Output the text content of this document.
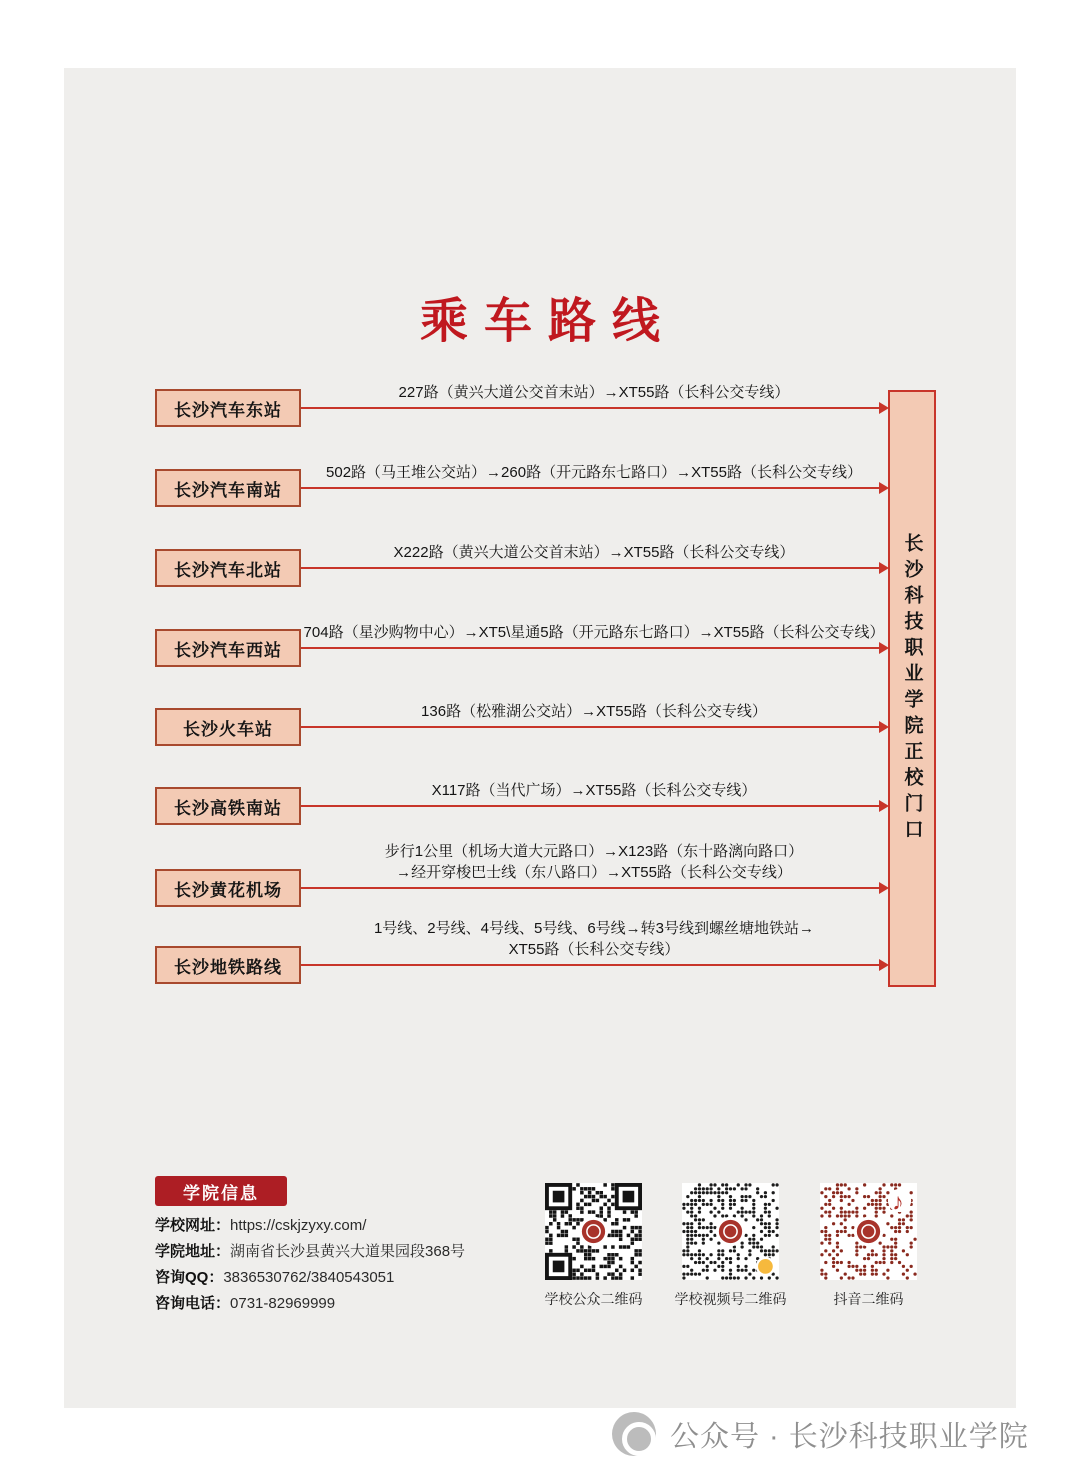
乘车路线
长沙科技职业学院正校门口
长沙汽车东站
227路（黄兴大道公交首末站）→XT55路（长科公交专线）
长沙汽车南站
502路（马王堆公交站）→260路（开元路东七路口）→XT55路（长科公交专线）
长沙汽车北站
X222路（黄兴大道公交首末站）→XT55路（长科公交专线）
长沙汽车西站
704路（星沙购物中心）→XT5\星通5路（开元路东七路口）→XT55路（长科公交专线）
长沙火车站
136路（松雅湖公交站）→XT55路（长科公交专线）
长沙高铁南站
X117路（当代广场）→XT55路（长科公交专线）
长沙黄花机场
步行1公里（机场大道大元路口）→X123路（东十路漓向路口）
→经开穿梭巴士线（东八路口）→XT55路（长科公交专线）
长沙地铁路线
1号线、2号线、4号线、5号线、6号线→转3号线到螺丝塘地铁站→
XT55路（长科公交专线）
学院信息
学校网址：https://cskjzyxy.com/
学院地址：湖南省长沙县黄兴大道果园段368号
咨询QQ：3836530762/3840543051
咨询电话：0731-82969999	学校公众二维码 学校视频号二维码
♪
抖音二维码
公众号 · 长沙科技职业学院
